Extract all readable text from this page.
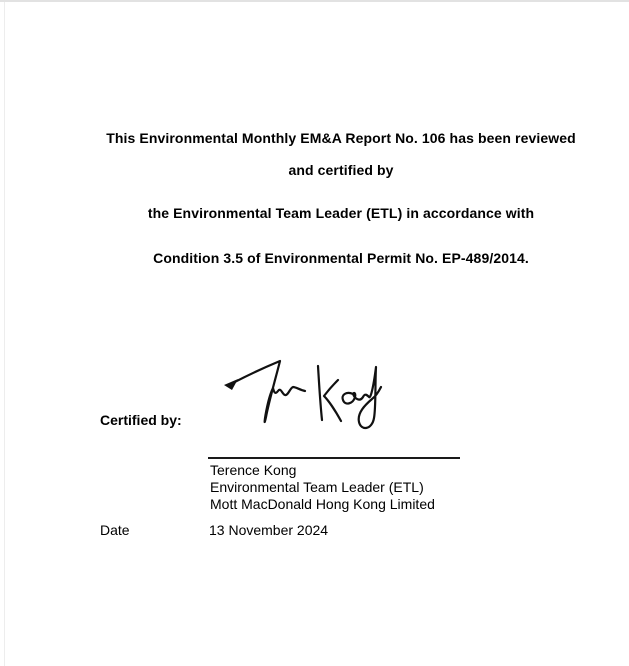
This Environmental Monthly EM&A Report No. 106 has been reviewed
and certified by
the Environmental Team Leader (ETL) in accordance with
Condition 3.5 of Environmental Permit No. EP-489/2014.
Certified by:
Terence Kong
Environmental Team Leader (ETL)
Mott MacDonald Hong Kong Limited
Date	13 November 2024
